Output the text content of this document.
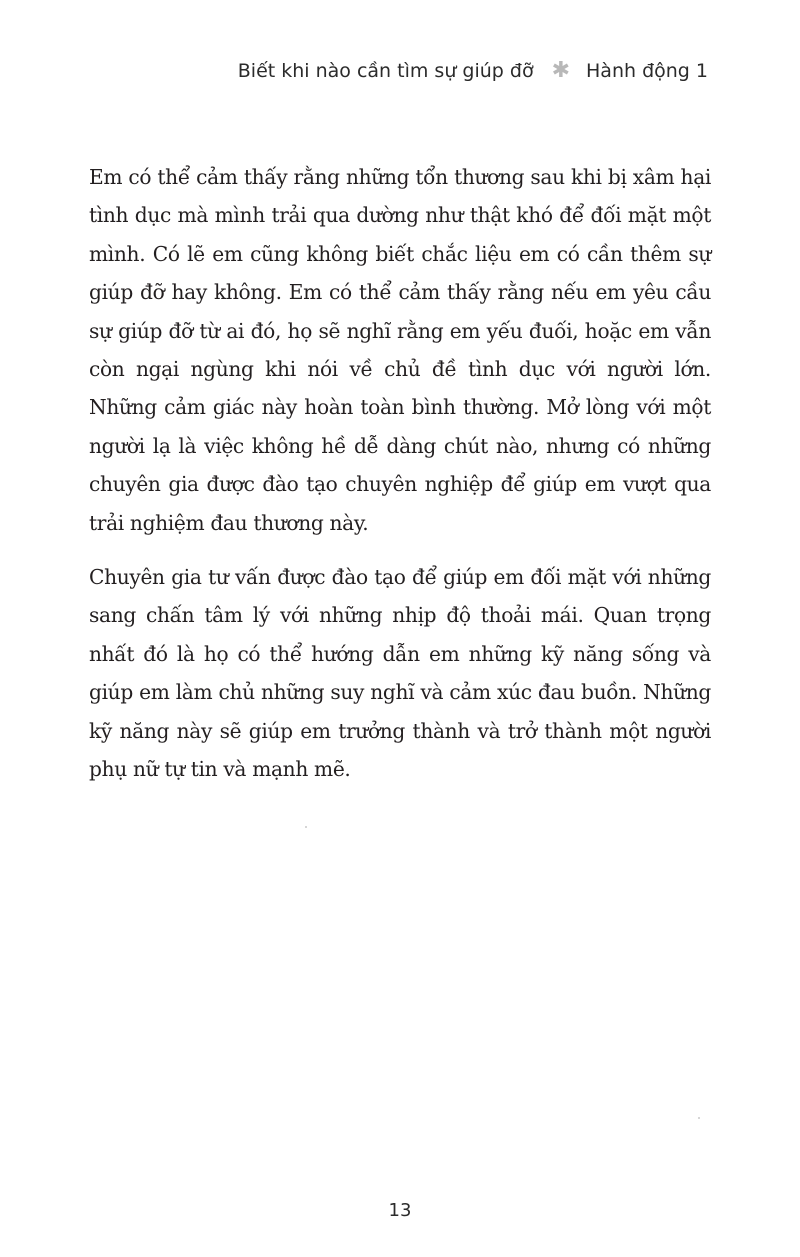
Biết khi nào cần tìm sự giúp đỡ ✱ Hành động 1

Em có thể cảm thấy rằng những tổn thương sau khi bị xâm hại tình dục mà mình trải qua dường như thật khó để đối mặt một mình. Có lẽ em cũng không biết chắc liệu em có cần thêm sự giúp đỡ hay không. Em có thể cảm thấy rằng nếu em yêu cầu sự giúp đỡ từ ai đó, họ sẽ nghĩ rằng em yếu đuối, hoặc em vẫn còn ngại ngùng khi nói về chủ đề tình dục với người lớn. Những cảm giác này hoàn toàn bình thường. Mở lòng với một người lạ là việc không hề dễ dàng chút nào, nhưng có những chuyên gia được đào tạo chuyên nghiệp để giúp em vượt qua trải nghiệm đau thương này.

Chuyên gia tư vấn được đào tạo để giúp em đối mặt với những sang chấn tâm lý với những nhịp độ thoải mái. Quan trọng nhất đó là họ có thể hướng dẫn em những kỹ năng sống và giúp em làm chủ những suy nghĩ và cảm xúc đau buồn. Những kỹ năng này sẽ giúp em trưởng thành và trở thành một người phụ nữ tự tin và mạnh mẽ.

13
